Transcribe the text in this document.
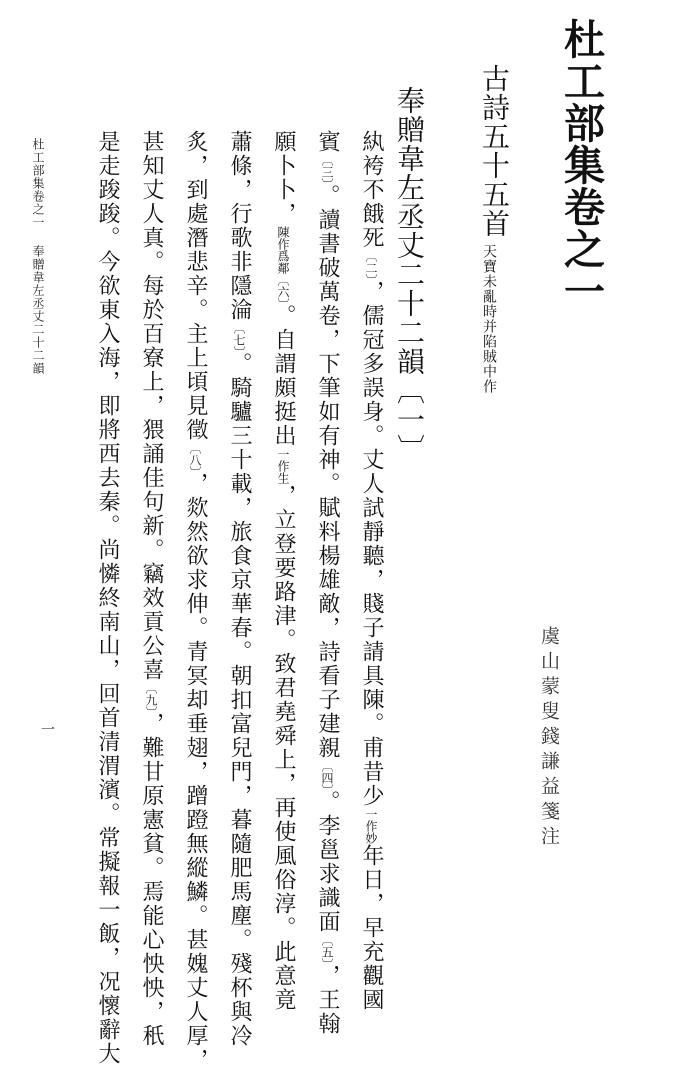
杜工部集卷之一
古詩五十五首
天寶未亂時并陷賊中作
奉贈韋左丞丈二十二韻〔一〕
虞山蒙叟錢謙益箋注
紈袴不餓死〔二〕，儒冠多誤身。丈人試靜聽，賤子請具陳。甫昔少一作妙年日，早充觀國
賓〔三〕。讀書破萬卷，下筆如有神。賦料楊雄敵，詩看子建親〔四〕。李邕求識面〔五〕，王翰
願卜卜，陳作爲鄰〔六〕。自謂頗挺出一作生，立登要路津。致君堯舜上，再使風俗淳。此意竟
蕭條，行歌非隱淪〔七〕。騎驢三十載，旅食京華春。朝扣富兒門，暮隨肥馬塵。殘杯與冷
炙，到處潛悲辛。主上頃見徵〔八〕，欻然欲求伸。青冥却垂翅，蹭蹬無縱鱗。甚媿丈人厚，
甚知丈人真。每於百寮上，猥誦佳句新。竊效貢公喜〔九〕，難甘原憲貧。焉能心怏怏，秖
是走踆踆。今欲東入海，即將西去秦。尚憐終南山，回首清渭濱。常擬報一飯，况懷辭大
杜工部集卷之一奉贈韋左丞丈二十二韻
一
